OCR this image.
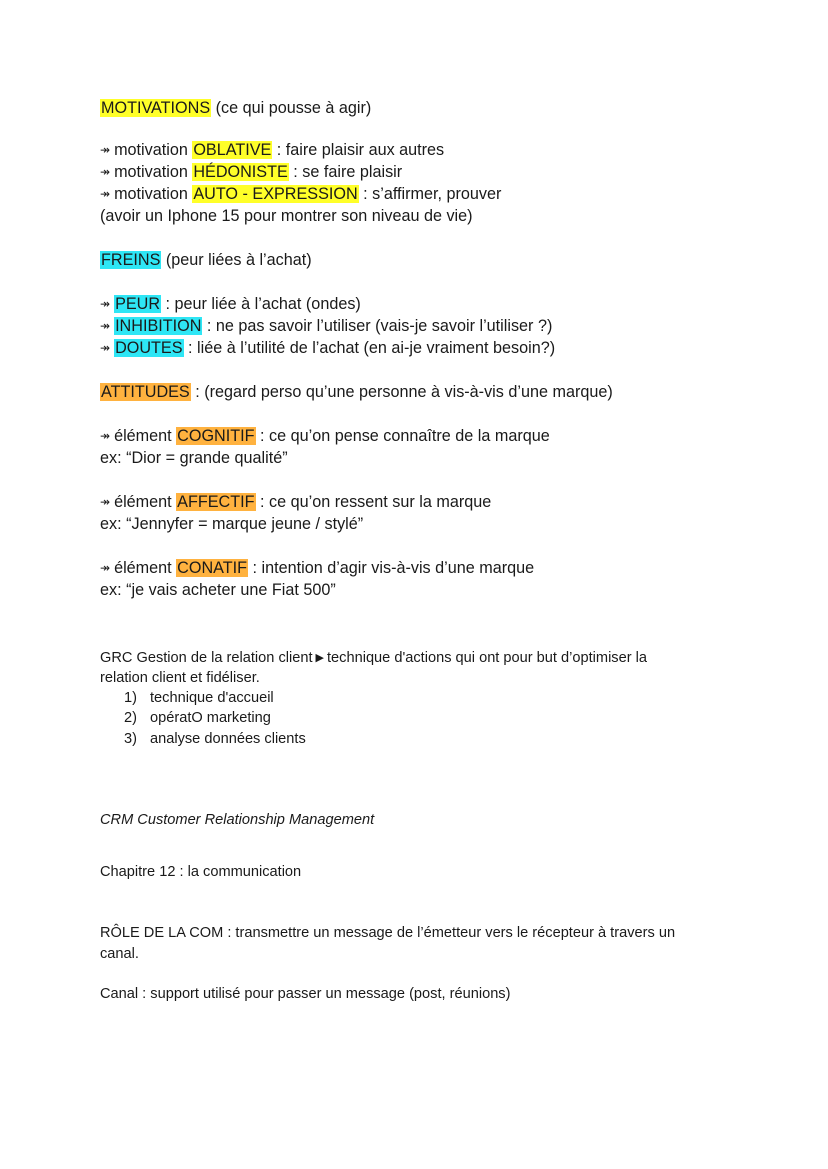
MOTIVATIONS (ce qui pousse à agir)
↠ motivation OBLATIVE : faire plaisir aux autres
↠ motivation HÉDONISTE : se faire plaisir
↠ motivation AUTO - EXPRESSION : s’affirmer, prouver
(avoir un Iphone 15 pour montrer son niveau de vie)
FREINS (peur liées à l’achat)
↠ PEUR : peur liée à l’achat (ondes)
↠ INHIBITION : ne pas savoir l’utiliser (vais-je savoir l’utiliser ?)
↠ DOUTES : liée à l’utilité de l’achat (en ai-je vraiment besoin?)
ATTITUDES : (regard perso qu’une personne à vis-à-vis d’une marque)
↠ élément COGNITIF : ce qu’on pense connaître de la marque
ex: “Dior = grande qualité”
↠ élément AFFECTIF : ce qu’on ressent sur la marque
ex: “Jennyfer = marque jeune / stylé”
↠ élément CONATIF : intention d’agir vis-à-vis d’une marque
ex: “je vais acheter une Fiat 500”
GRC Gestion de la relation client ▶ technique d'actions qui ont pour but d’optimiser la
relation client et fidéliser.
1) technique d'accueil
2) opératO marketing
3) analyse données clients
CRM Customer Relationship Management
Chapitre 12 : la communication
RÔLE DE LA COM : transmettre un message de l’émetteur vers le récepteur à travers un
canal.
Canal : support utilisé pour passer un message (post, réunions)
